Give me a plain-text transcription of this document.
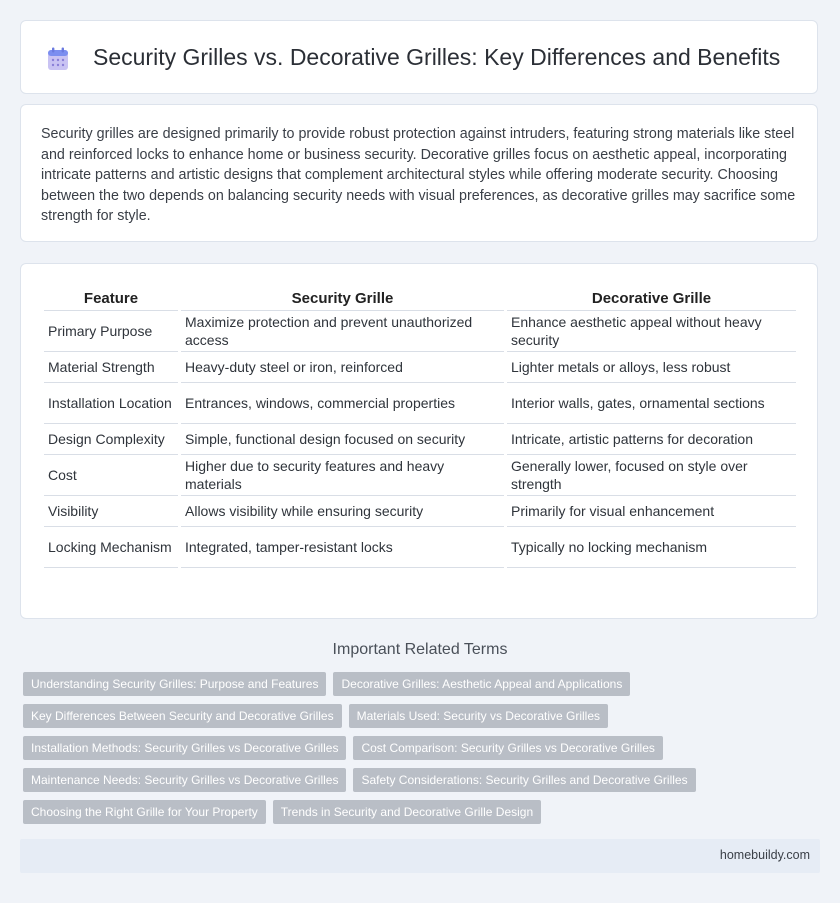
Security Grilles vs. Decorative Grilles: Key Differences and Benefits

Security grilles are designed primarily to provide robust protection against intruders, featuring strong materials like steel and reinforced locks to enhance home or business security. Decorative grilles focus on aesthetic appeal, incorporating intricate patterns and artistic designs that complement architectural styles while offering moderate security. Choosing between the two depends on balancing security needs with visual preferences, as decorative grilles may sacrifice some strength for style.

Feature	Security Grille	Decorative Grille
Primary Purpose	Maximize protection and prevent unauthorized access	Enhance aesthetic appeal without heavy security
Material Strength	Heavy-duty steel or iron, reinforced	Lighter metals or alloys, less robust
Installation Location	Entrances, windows, commercial properties	Interior walls, gates, ornamental sections
Design Complexity	Simple, functional design focused on security	Intricate, artistic patterns for decoration
Cost	Higher due to security features and heavy materials	Generally lower, focused on style over strength
Visibility	Allows visibility while ensuring security	Primarily for visual enhancement
Locking Mechanism	Integrated, tamper-resistant locks	Typically no locking mechanism
Important Related Terms
Understanding Security Grilles: Purpose and Features	Decorative Grilles: Aesthetic Appeal and Applications
Key Differences Between Security and Decorative Grilles	Materials Used: Security vs Decorative Grilles
Installation Methods: Security Grilles vs Decorative Grilles	Cost Comparison: Security Grilles vs Decorative Grilles
Maintenance Needs: Security Grilles vs Decorative Grilles	Safety Considerations: Security Grilles and Decorative Grilles
Choosing the Right Grille for Your Property	Trends in Security and Decorative Grille Design
homebuildy.com
